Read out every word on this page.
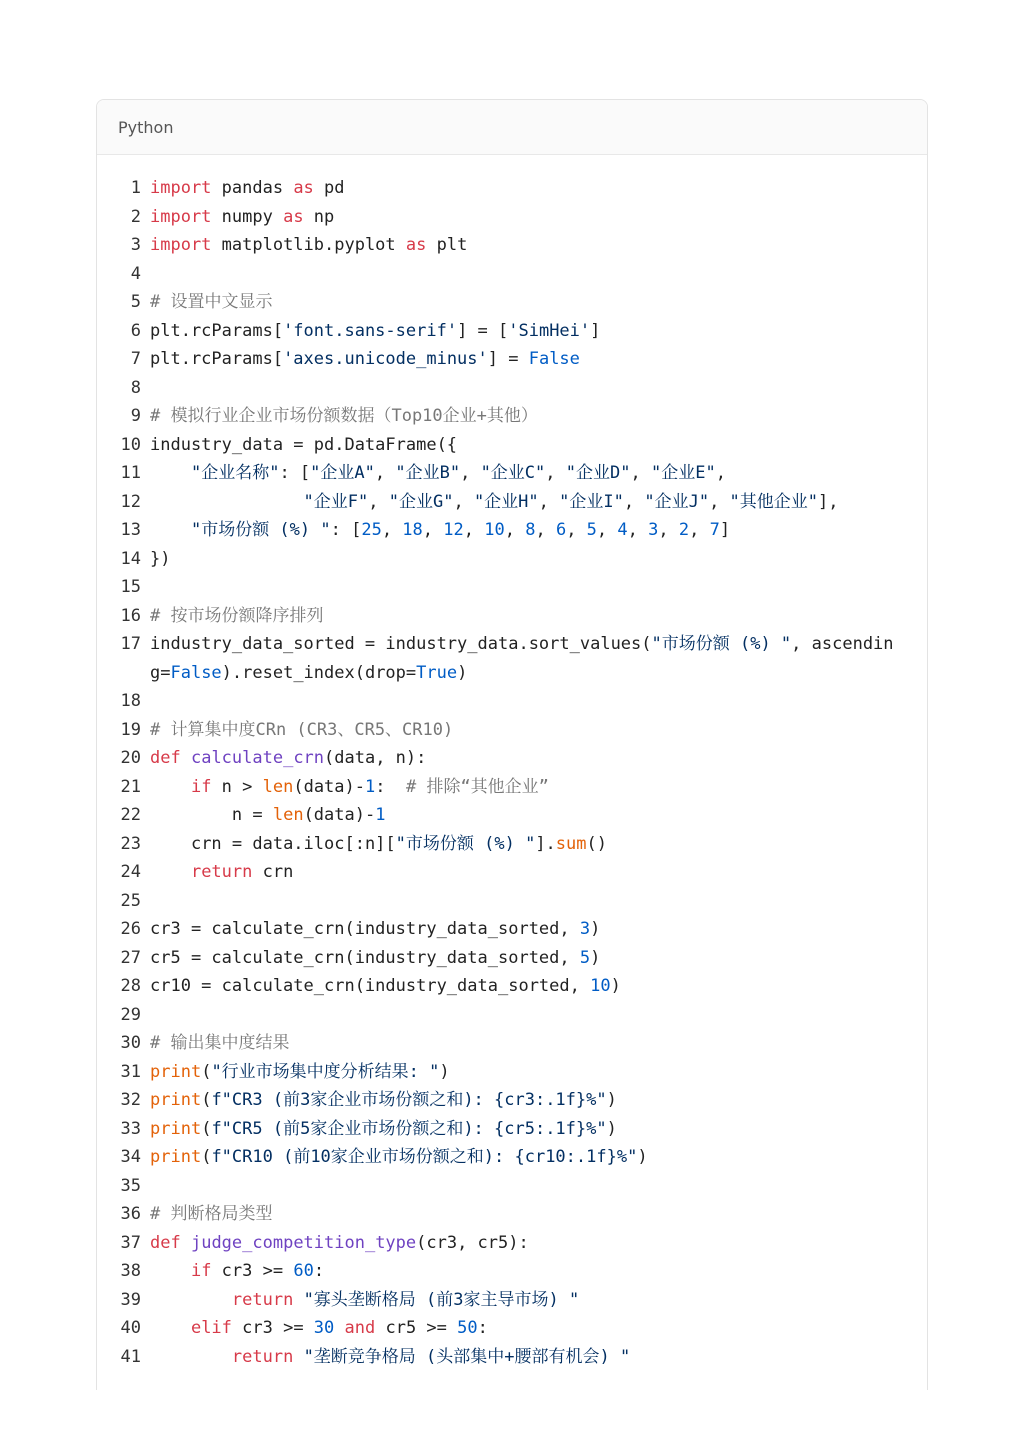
Python
1 import pandas as pd
2 import numpy as np
3 import matplotlib.pyplot as plt
4
5 # 设置中文显示
6 plt.rcParams['font.sans-serif'] = ['SimHei']
7 plt.rcParams['axes.unicode_minus'] = False
8
9 # 模拟行业企业市场份额数据（Top10企业+其他）
10 industry_data = pd.DataFrame({
11	"企业名称": ["企业A", "企业B", "企业C", "企业D", "企业E",
12	"企业F", "企业G", "企业H", "企业I", "企业J", "其他企业"],
13	"市场份额 (%) ": [25, 18, 12, 10, 8, 6, 5, 4, 3, 2, 7]
14 })
15
16 # 按市场份额降序排列
17 industry_data_sorted = industry_data.sort_values("市场份额 (%) ", ascending=False).reset_index(drop=True)
18
19 # 计算集中度CRn (CR3、CR5、CR10)
20 def calculate_crn(data, n):
21	if n > len(data)-1:  # 排除“其他企业”
22 n = len(data)-1
23 crn = data.iloc[:n]["市场份额 (%) "].sum()
24	return crn
25
26 cr3 = calculate_crn(industry_data_sorted, 3)
27 cr5 = calculate_crn(industry_data_sorted, 5)
28 cr10 = calculate_crn(industry_data_sorted, 10)
29
30 # 输出集中度结果
31 print("行业市场集中度分析结果: ")
32 print(f"CR3 (前3家企业市场份额之和): {cr3:.1f}%")
33 print(f"CR5 (前5家企业市场份额之和): {cr5:.1f}%")
34 print(f"CR10 (前10家企业市场份额之和): {cr10:.1f}%")
35
36 # 判断格局类型
37 def judge_competition_type(cr3, cr5):
38	if cr3 >= 60:
39	return "寡头垄断格局 (前3家主导市场) "
40	elif cr3 >= 30 and cr5 >= 50:
41	return "垄断竞争格局 (头部集中+腰部有机会) "
